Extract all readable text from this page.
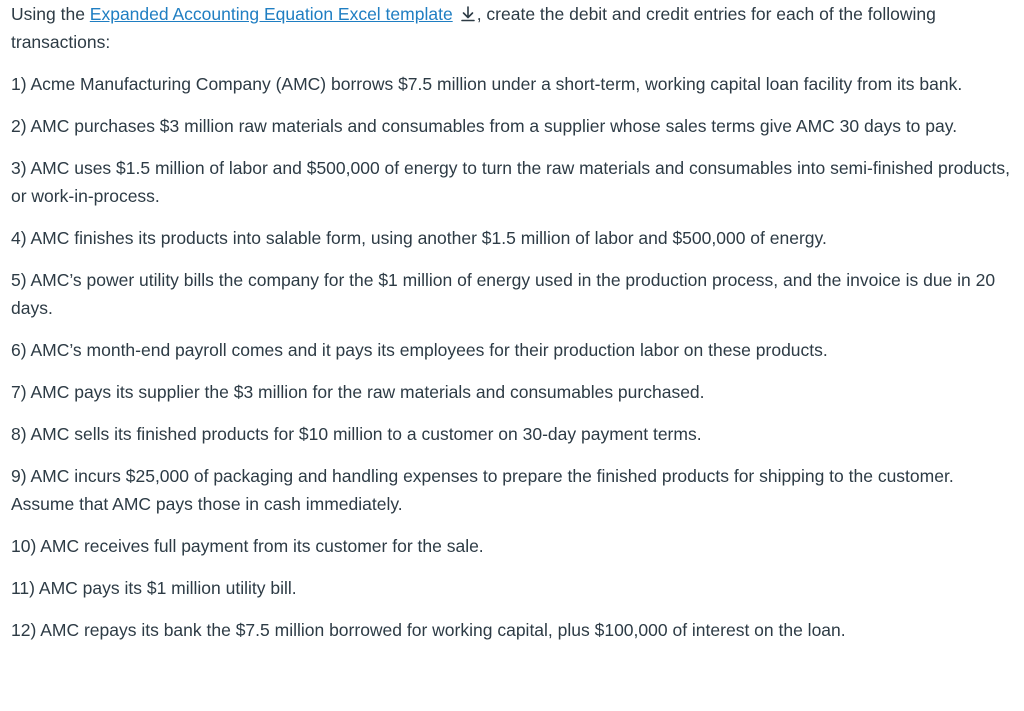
Using the Expanded Accounting Equation Excel template , create the debit and credit entries for each of the following transactions:

1) Acme Manufacturing Company (AMC) borrows $7.5 million under a short-term, working capital loan facility from its bank.

2) AMC purchases $3 million raw materials and consumables from a supplier whose sales terms give AMC 30 days to pay.

3) AMC uses $1.5 million of labor and $500,000 of energy to turn the raw materials and consumables into semi-finished products, or work-in-process.

4) AMC finishes its products into salable form, using another $1.5 million of labor and $500,000 of energy.

5) AMC’s power utility bills the company for the $1 million of energy used in the production process, and the invoice is due in 20 days.

6) AMC’s month-end payroll comes and it pays its employees for their production labor on these products.

7) AMC pays its supplier the $3 million for the raw materials and consumables purchased.

8) AMC sells its finished products for $10 million to a customer on 30-day payment terms.

9) AMC incurs $25,000 of packaging and handling expenses to prepare the finished products for shipping to the customer. Assume that AMC pays those in cash immediately.

10) AMC receives full payment from its customer for the sale.

11) AMC pays its $1 million utility bill.

12) AMC repays its bank the $7.5 million borrowed for working capital, plus $100,000 of interest on the loan.
